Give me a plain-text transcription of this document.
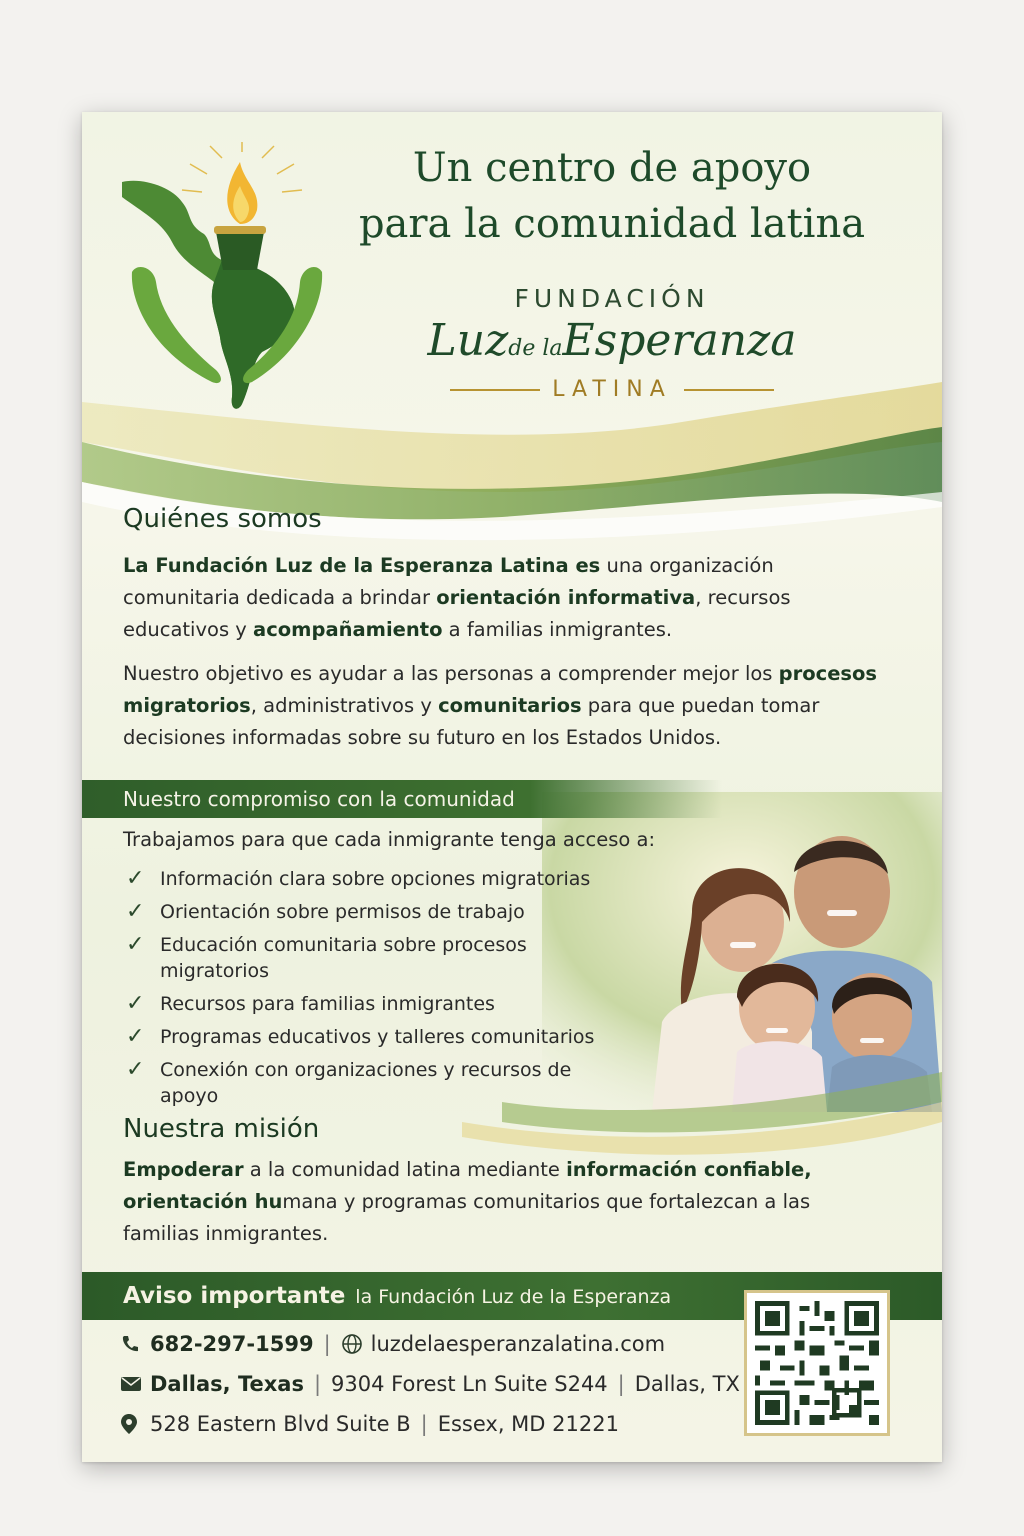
Un centro de apoyo
para la comunidad latina
FUNDACIÓN
Luzde laEsperanza
LATINA
Quiénes somos
La Fundación Luz de la Esperanza Latina es una organización comunitaria dedicada a brindar orientación informativa, recursos educativos y acompañamiento a familias inmigrantes.
Nuestro objetivo es ayudar a las personas a comprender mejor los procesos migratorios, administrativos y comunitarios para que puedan tomar decisiones informadas sobre su futuro en los Estados Unidos.
Nuestro compromiso con la comunidad
Trabajamos para que cada inmigrante tenga acceso a:
✓ Información clara sobre opciones migratorias
✓ Orientación sobre permisos de trabajo
✓ Educación comunitaria sobre procesos migratorios
✓ Recursos para familias inmigrantes
✓ Programas educativos y talleres comunitarios
✓ Conexión con organizaciones y recursos de apoyo
Nuestra misión
Empoderar a la comunidad latina mediante información confiable, orientación humana y programas comunitarios que fortalezcan a las familias inmigrantes.
Aviso importante la Fundación Luz de la Esperanza
682-297-1599 | luzdelaesperanzalatina.com
Dallas, Texas | 9304 Forest Ln Suite S244 | Dallas, TX
528 Eastern Blvd Suite B | Essex, MD 21221
